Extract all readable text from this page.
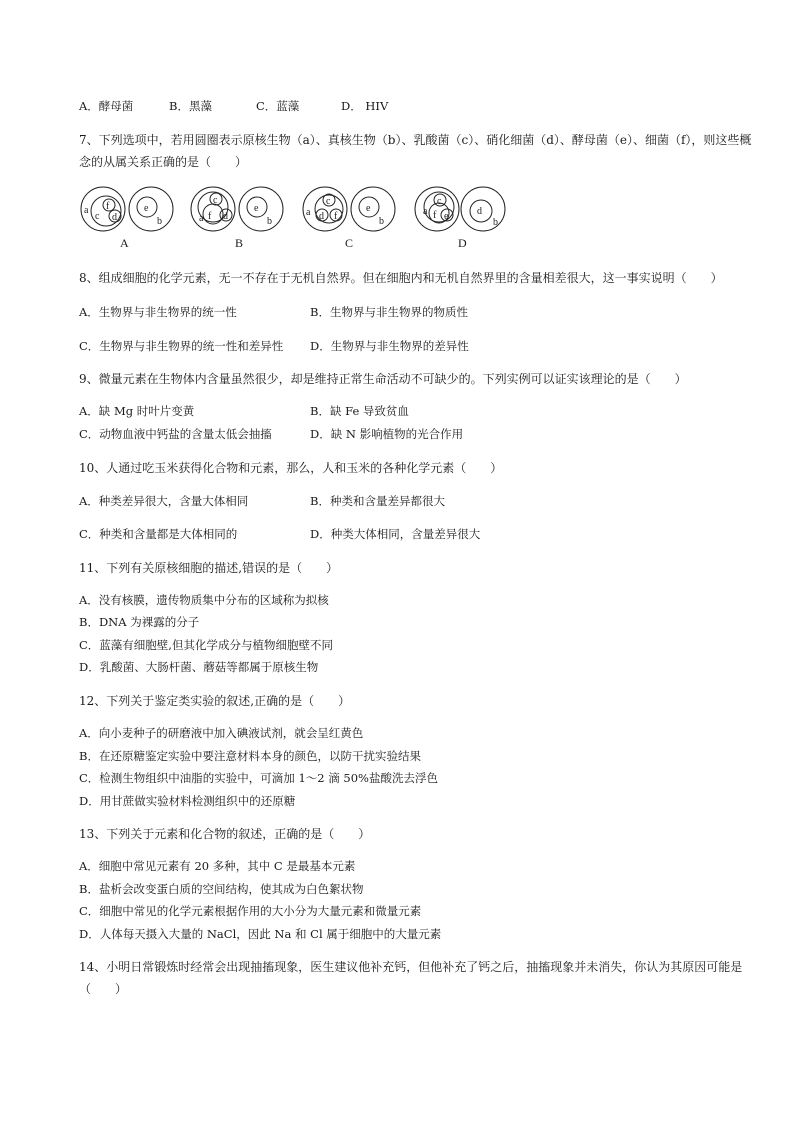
A．酵母菌	B．黑藻	C．蓝藻	D． HIV
7、下列选项中，若用圆圈表示原核生物（a）、真核生物（b）、乳酸菌（c）、硝化细菌（d）、酵母菌（e）、细菌（f），则这些概
念的从属关系正确的是（　　）
a
c
f
d
e
b
A
a
c
f d
e
b
B
a
c
d f
e
b
C
a
c
f e	d
b
D
8、组成细胞的化学元素，无一不存在于无机自然界。但在细胞内和无机自然界里的含量相差很大，这一事实说明（　　）
A．生物界与非生物界的统一性	B．生物界与非生物界的物质性
C．生物界与非生物界的统一性和差异性 D．生物界与非生物界的差异性
9、微量元素在生物体内含量虽然很少，却是维持正常生命活动不可缺少的。下列实例可以证实该理论的是（　　）
A．缺 Mg 时叶片变黄	B．缺 Fe 导致贫血
C．动物血液中钙盐的含量太低会抽搐	D．缺 N 影响植物的光合作用
10、人通过吃玉米获得化合物和元素，那么，人和玉米的各种化学元素（　　）
A．种类差异很大，含量大体相同	B．种类和含量差异都很大
C．种类和含量都是大体相同的	D．种类大体相同，含量差异很大
11、下列有关原核细胞的描述,错误的是（　　）
A．没有核膜，遗传物质集中分布的区域称为拟核
B．DNA 为裸露的分子
C．蓝藻有细胞壁,但其化学成分与植物细胞壁不同
D．乳酸菌、大肠杆菌、蘑菇等都属于原核生物
12、下列关于鉴定类实验的叙述,正确的是（　　）
A．向小麦种子的研磨液中加入碘液试剂，就会呈红黄色
B．在还原糖鉴定实验中要注意材料本身的颜色，以防干扰实验结果
C．检测生物组织中油脂的实验中，可滴加 1～2 滴 50%盐酸洗去浮色
D．用甘蔗做实验材料检测组织中的还原糖
13、下列关于元素和化合物的叙述，正确的是（　　）
A．细胞中常见元素有 20 多种，其中 C 是最基本元素
B．盐析会改变蛋白质的空间结构，使其成为白色絮状物
C．细胞中常见的化学元素根据作用的大小分为大量元素和微量元素
D．人体每天摄入大量的 NaCl，因此 Na 和 Cl 属于细胞中的大量元素
14、小明日常锻炼时经常会出现抽搐现象，医生建议他补充钙，但他补充了钙之后，抽搐现象并未消失，你认为其原因可能是
（　　）
